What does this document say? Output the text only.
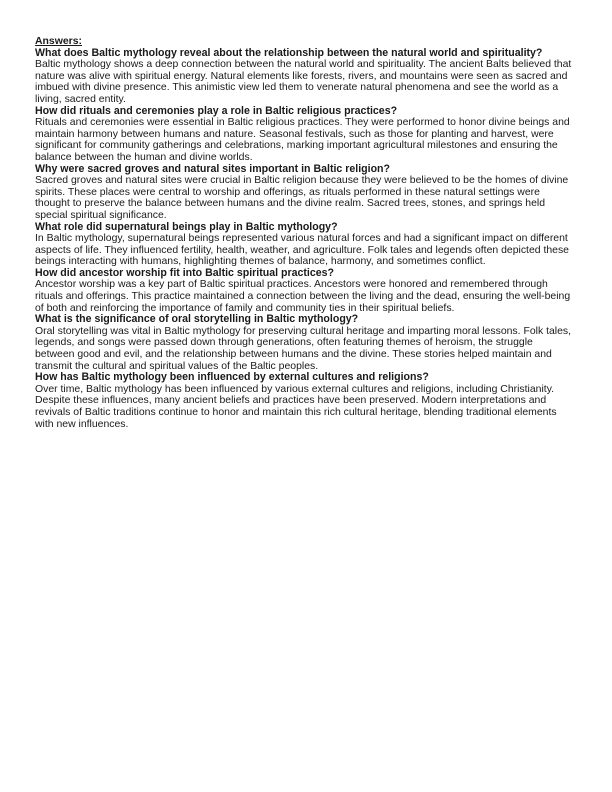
Answers:

What does Baltic mythology reveal about the relationship between the natural world and spirituality?

Baltic mythology shows a deep connection between the natural world and spirituality. The ancient Balts believed that nature was alive with spiritual energy. Natural elements like forests, rivers, and mountains were seen as sacred and imbued with divine presence. This animistic view led them to venerate natural phenomena and see the world as a living, sacred entity.

How did rituals and ceremonies play a role in Baltic religious practices?

Rituals and ceremonies were essential in Baltic religious practices. They were performed to honor divine beings and maintain harmony between humans and nature. Seasonal festivals, such as those for planting and harvest, were significant for community gatherings and celebrations, marking important agricultural milestones and ensuring the balance between the human and divine worlds.

Why were sacred groves and natural sites important in Baltic religion?

Sacred groves and natural sites were crucial in Baltic religion because they were believed to be the homes of divine spirits. These places were central to worship and offerings, as rituals performed in these natural settings were thought to preserve the balance between humans and the divine realm. Sacred trees, stones, and springs held special spiritual significance.

What role did supernatural beings play in Baltic mythology?

In Baltic mythology, supernatural beings represented various natural forces and had a significant impact on different aspects of life. They influenced fertility, health, weather, and agriculture. Folk tales and legends often depicted these beings interacting with humans, highlighting themes of balance, harmony, and sometimes conflict.

How did ancestor worship fit into Baltic spiritual practices?

Ancestor worship was a key part of Baltic spiritual practices. Ancestors were honored and remembered through rituals and offerings. This practice maintained a connection between the living and the dead, ensuring the well-being of both and reinforcing the importance of family and community ties in their spiritual beliefs.

What is the significance of oral storytelling in Baltic mythology?

Oral storytelling was vital in Baltic mythology for preserving cultural heritage and imparting moral lessons. Folk tales, legends, and songs were passed down through generations, often featuring themes of heroism, the struggle between good and evil, and the relationship between humans and the divine. These stories helped maintain and transmit the cultural and spiritual values of the Baltic peoples.

How has Baltic mythology been influenced by external cultures and religions?

Over time, Baltic mythology has been influenced by various external cultures and religions, including Christianity. Despite these influences, many ancient beliefs and practices have been preserved. Modern interpretations and revivals of Baltic traditions continue to honor and maintain this rich cultural heritage, blending traditional elements with new influences.
